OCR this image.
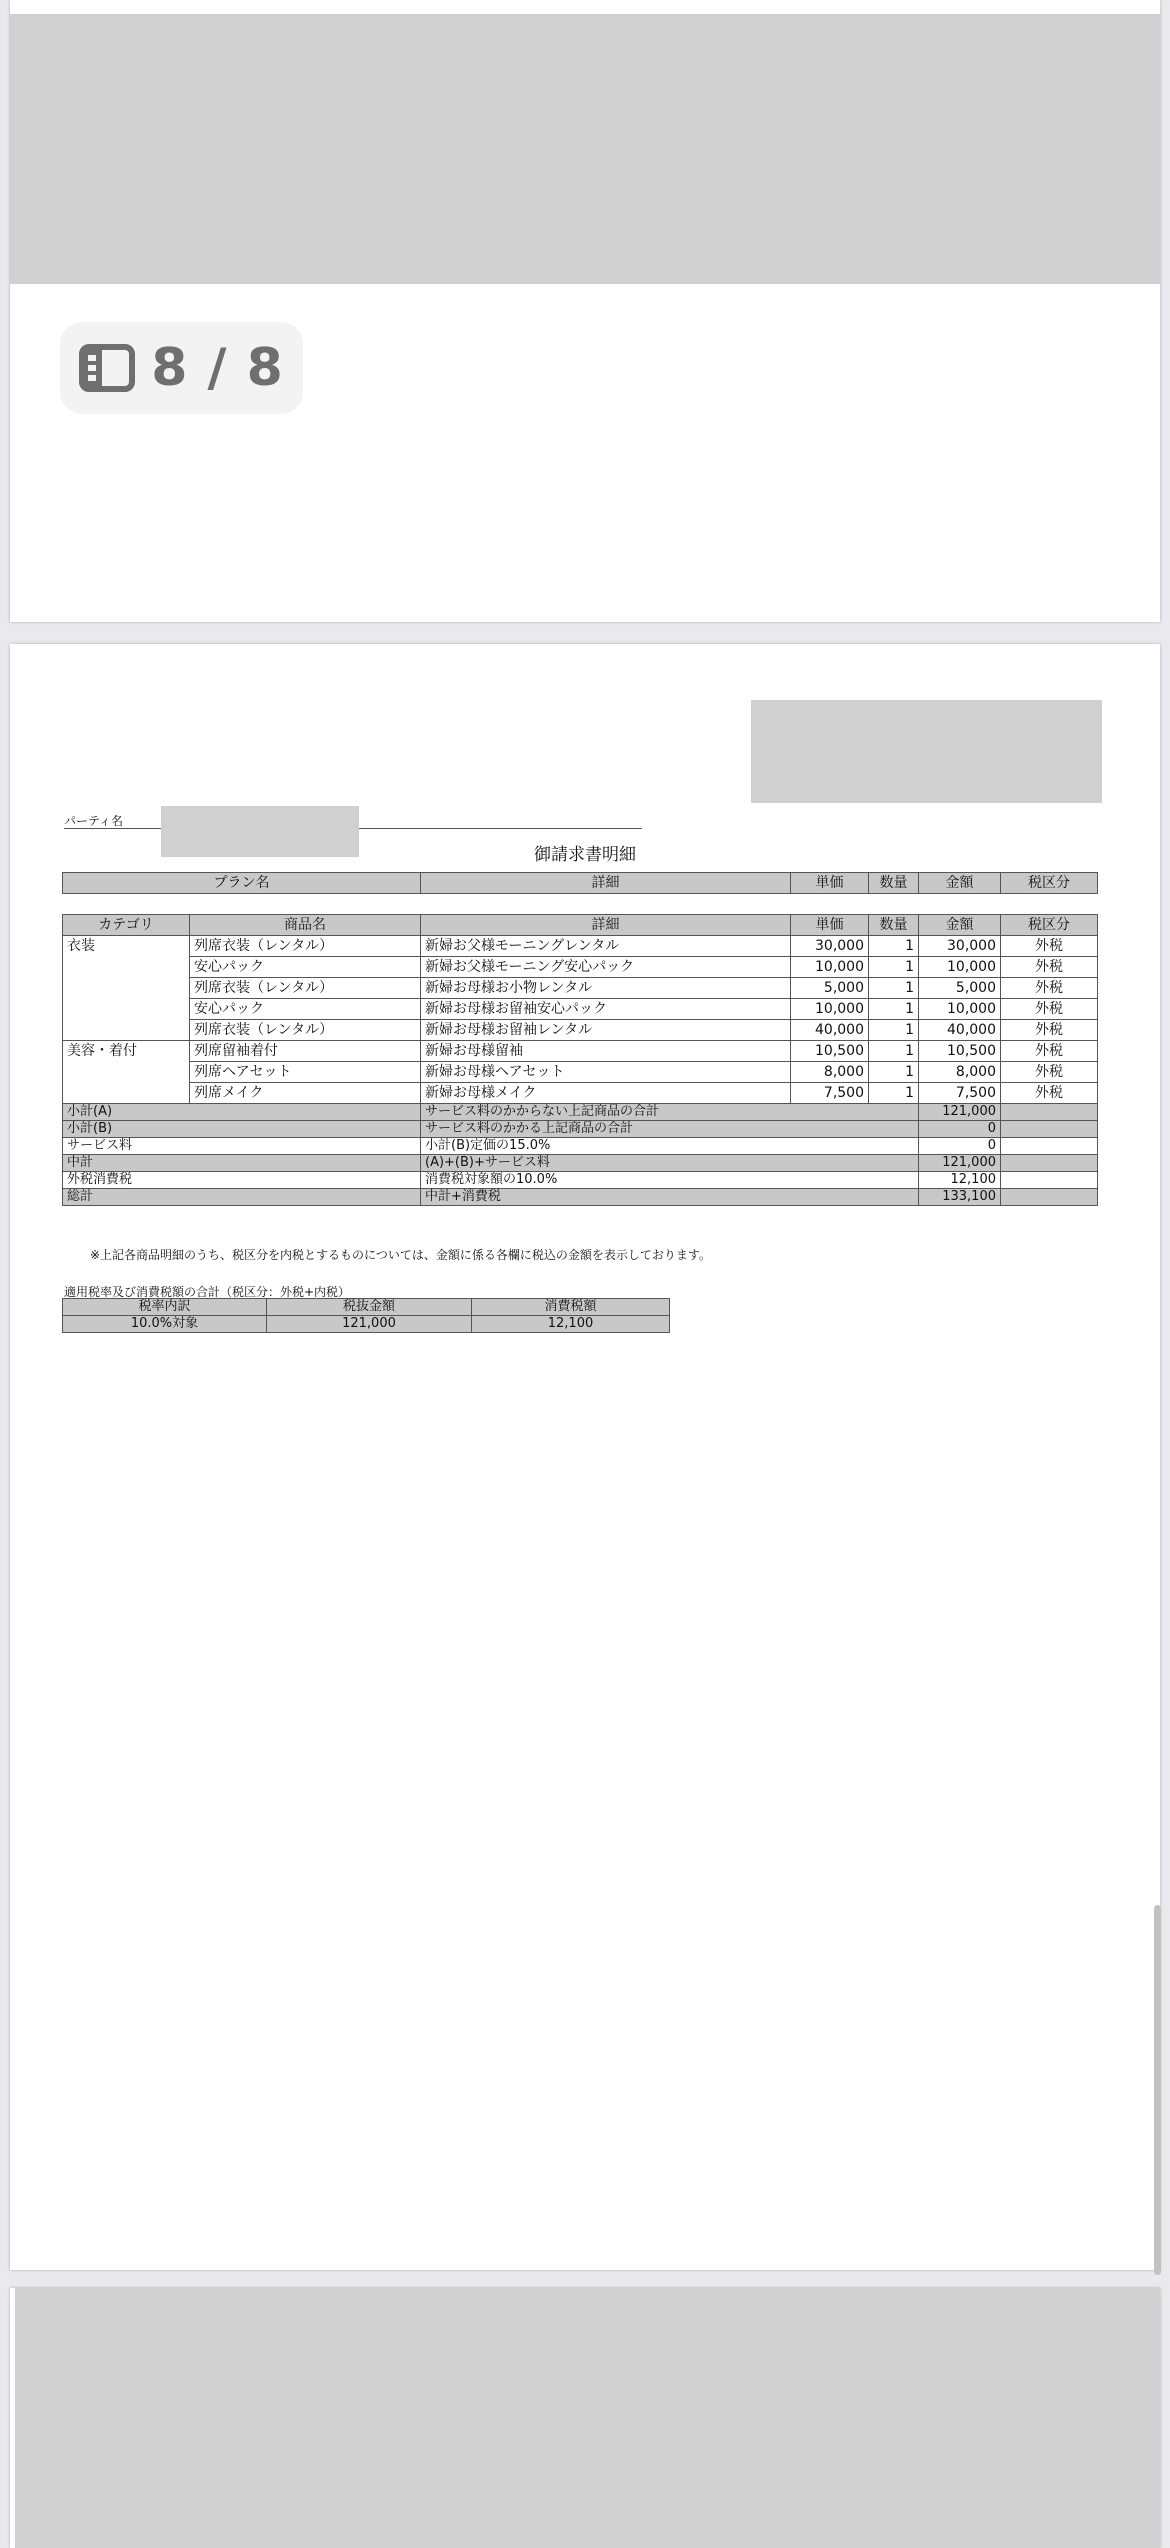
8 / 8
パーティ名
御請求書明細
プラン名	詳細	単価	数量	金額	税区分
カテゴリ	商品名	詳細	単価	数量	金額	税区分
衣装	列席衣装（レンタル）	新婦お父様モーニングレンタル	30,000	1	30,000	外税
	安心パック	新婦お父様モーニング安心パック	10,000	1	10,000	外税
	列席衣装（レンタル）	新婦お母様お小物レンタル	5,000	1	5,000	外税
	安心パック	新婦お母様お留袖安心パック	10,000	1	10,000	外税
	列席衣装（レンタル）	新婦お母様お留袖レンタル	40,000	1	40,000	外税
美容・着付	列席留袖着付	新婦お母様留袖	10,500	1	10,500	外税
	列席ヘアセット	新婦お母様ヘアセット	8,000	1	8,000	外税
	列席メイク	新婦お母様メイク	7,500	1	7,500	外税
小計(A)		サービス料のかからない上記商品の合計			121,000	
小計(B)		サービス料のかかる上記商品の合計			0	
サービス料		小計(B)定価の15.0%			0	
中計		(A)+(B)+サービス料			121,000	
外税消費税		消費税対象額の10.0%			12,100	
総計		中計+消費税			133,100	
※上記各商品明細のうち、税区分を内税とするものについては、金額に係る各欄に税込の金額を表示しております。
適用税率及び消費税額の合計（税区分：外税+内税）
税率内訳	税抜金額	消費税額
10.0%対象	121,000	12,100
